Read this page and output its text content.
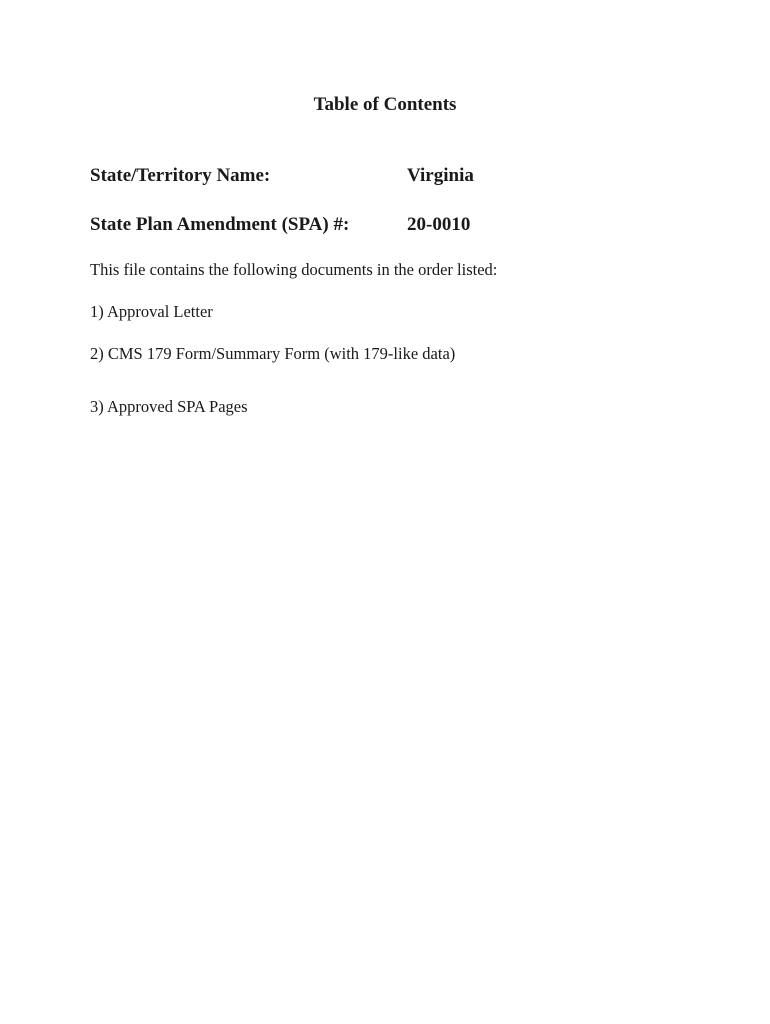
Table of Contents
State/Territory Name:	Virginia
State Plan Amendment (SPA) #:	20-0010
This file contains the following documents in the order listed:
1) Approval Letter
2) CMS 179 Form/Summary Form (with 179-like data)
3) Approved SPA Pages
